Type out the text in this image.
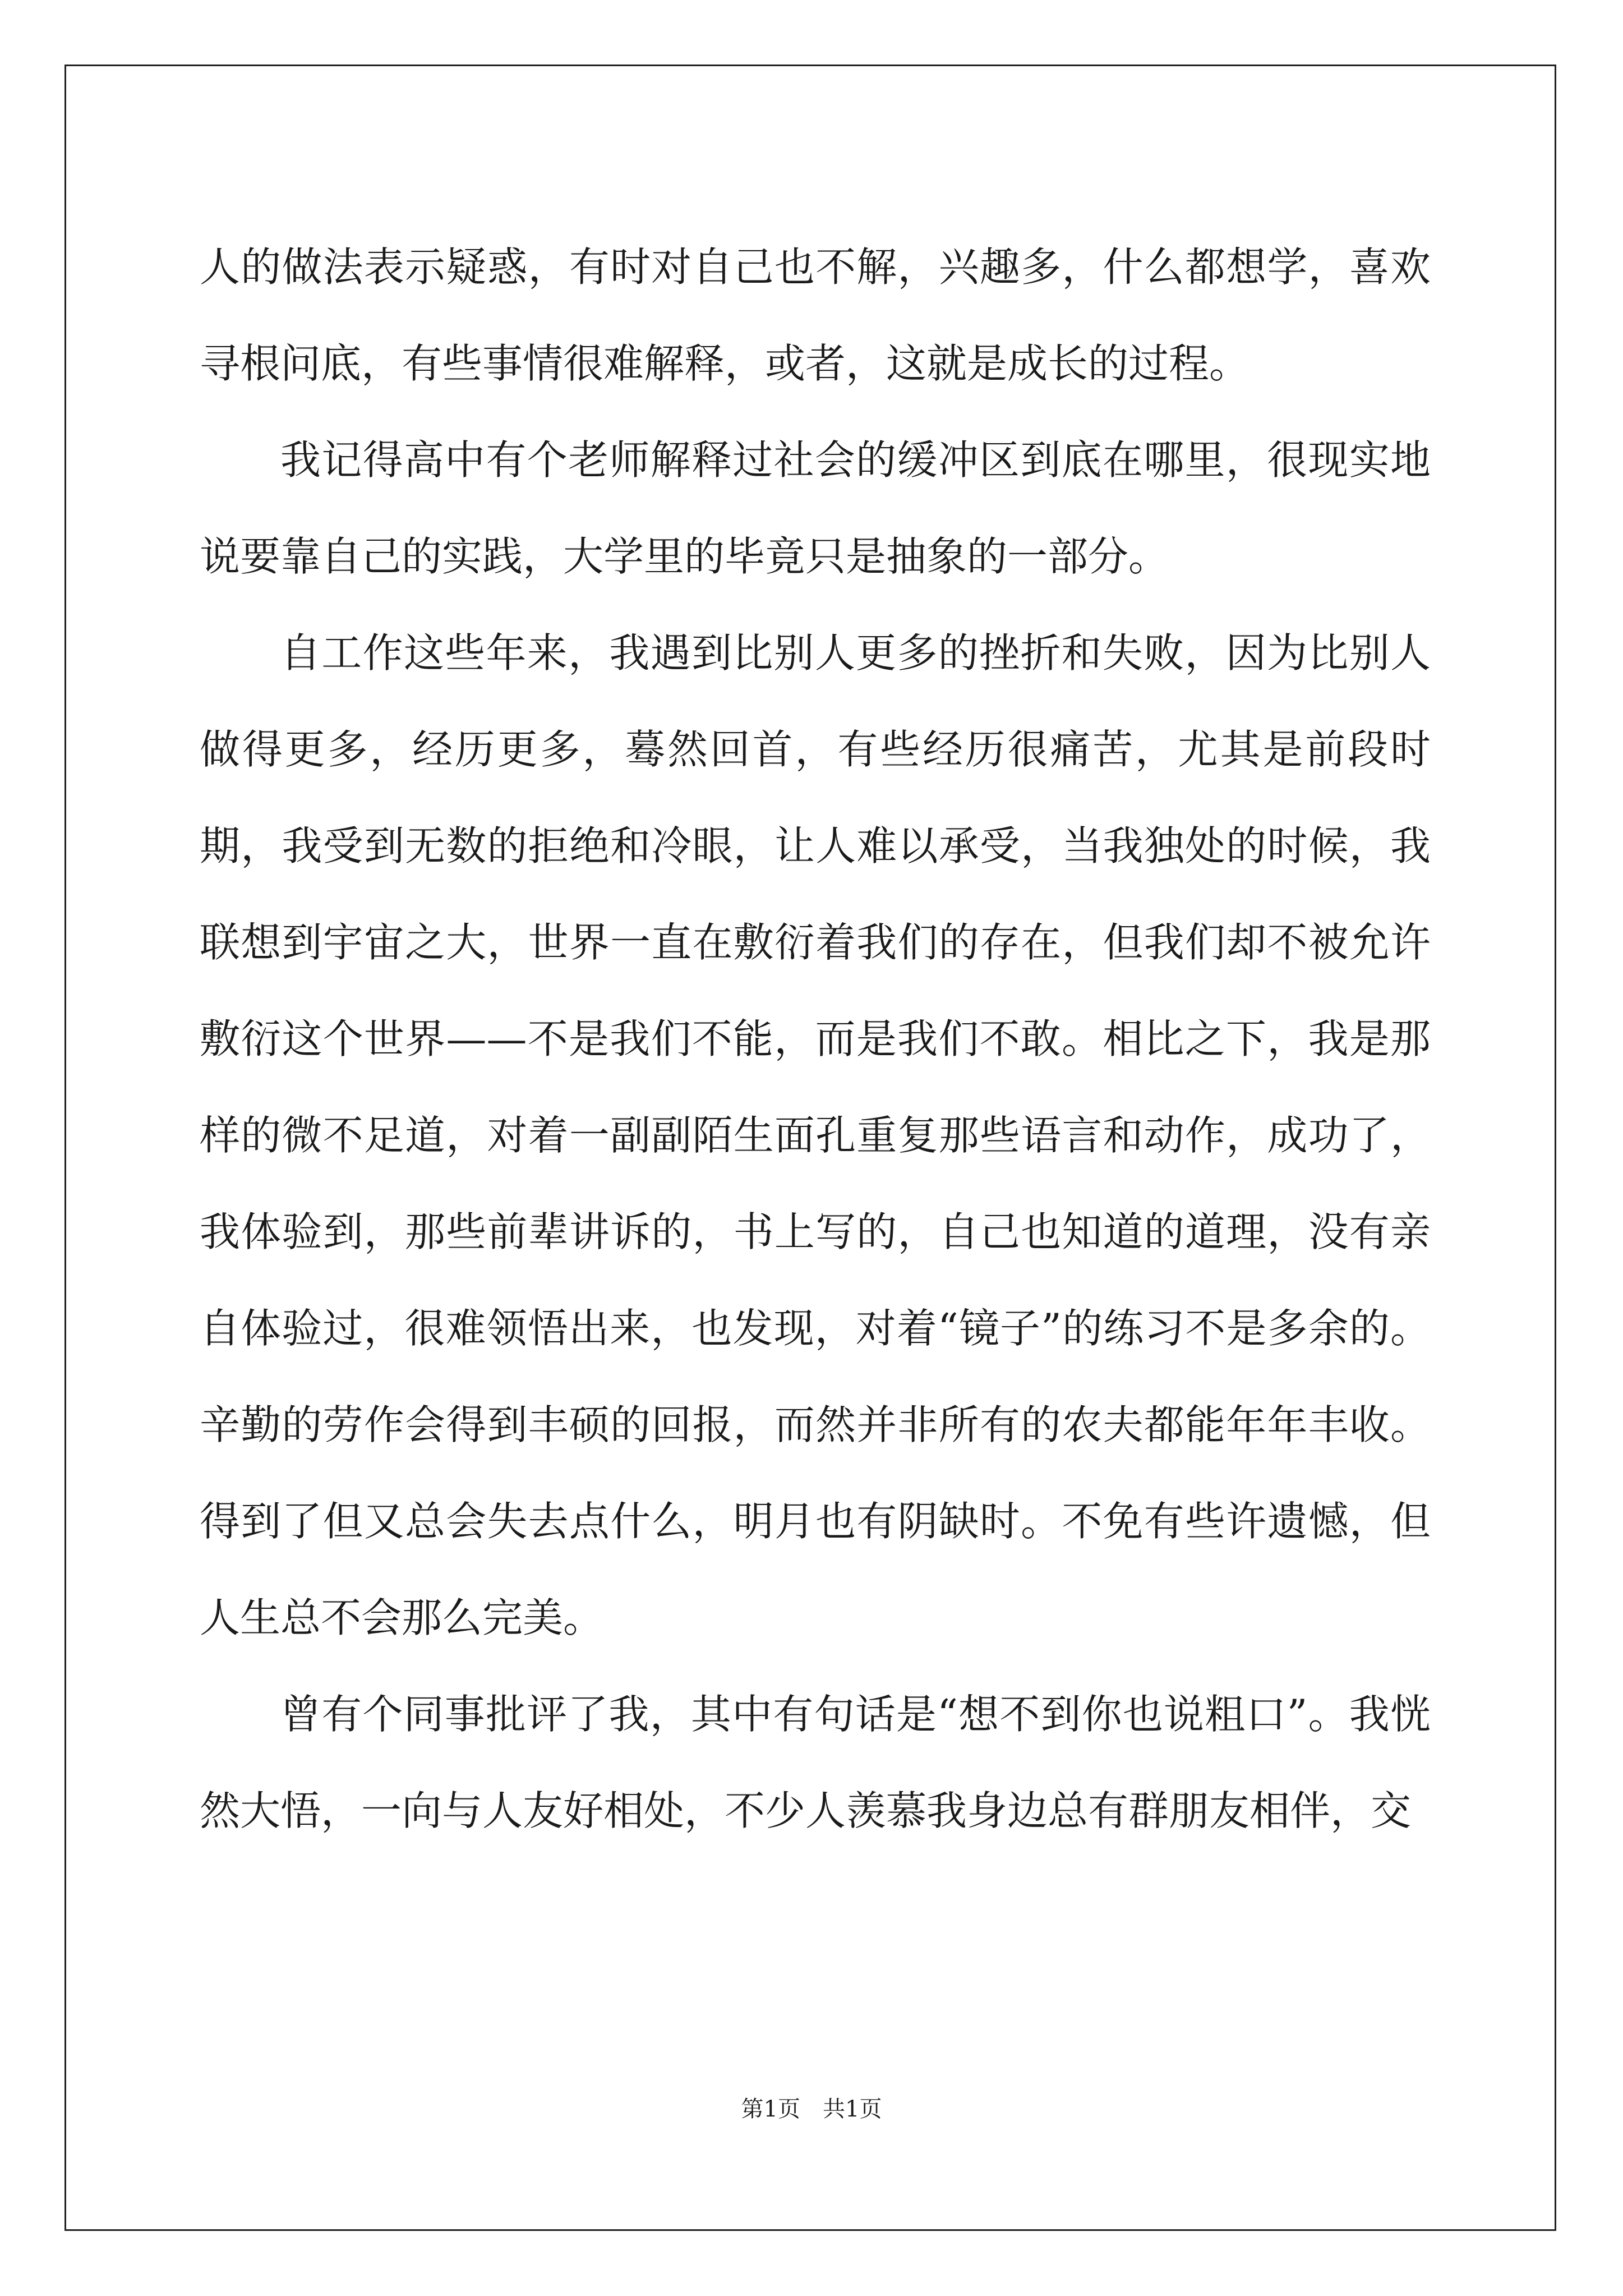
人的做法表示疑惑，有时对自己也不解，兴趣多，什么都想学，喜欢寻根问底，有些事情很难解释，或者，这就是成长的过程。

我记得高中有个老师解释过社会的缓冲区到底在哪里，很现实地说要靠自己的实践，大学里的毕竟只是抽象的一部分。

自工作这些年来，我遇到比别人更多的挫折和失败，因为比别人做得更多，经历更多，蓦然回首，有些经历很痛苦，尤其是前段时期，我受到无数的拒绝和冷眼，让人难以承受，当我独处的时候，我联想到宇宙之大，世界一直在敷衍着我们的存在，但我们却不被允许敷衍这个世界——不是我们不能，而是我们不敢。相比之下，我是那样的微不足道，对着一副副陌生面孔重复那些语言和动作，成功了，我体验到，那些前辈讲诉的，书上写的，自己也知道的道理，没有亲自体验过，很难领悟出来，也发现，对着“镜子”的练习不是多余的。辛勤的劳作会得到丰硕的回报，而然并非所有的农夫都能年年丰收。得到了但又总会失去点什么，明月也有阴缺时。不免有些许遗憾，但人生总不会那么完美。

曾有个同事批评了我，其中有句话是“想不到你也说粗口”。我恍然大悟，一向与人友好相处，不少人羡慕我身边总有群朋友相伴，交

第1页　共1页
